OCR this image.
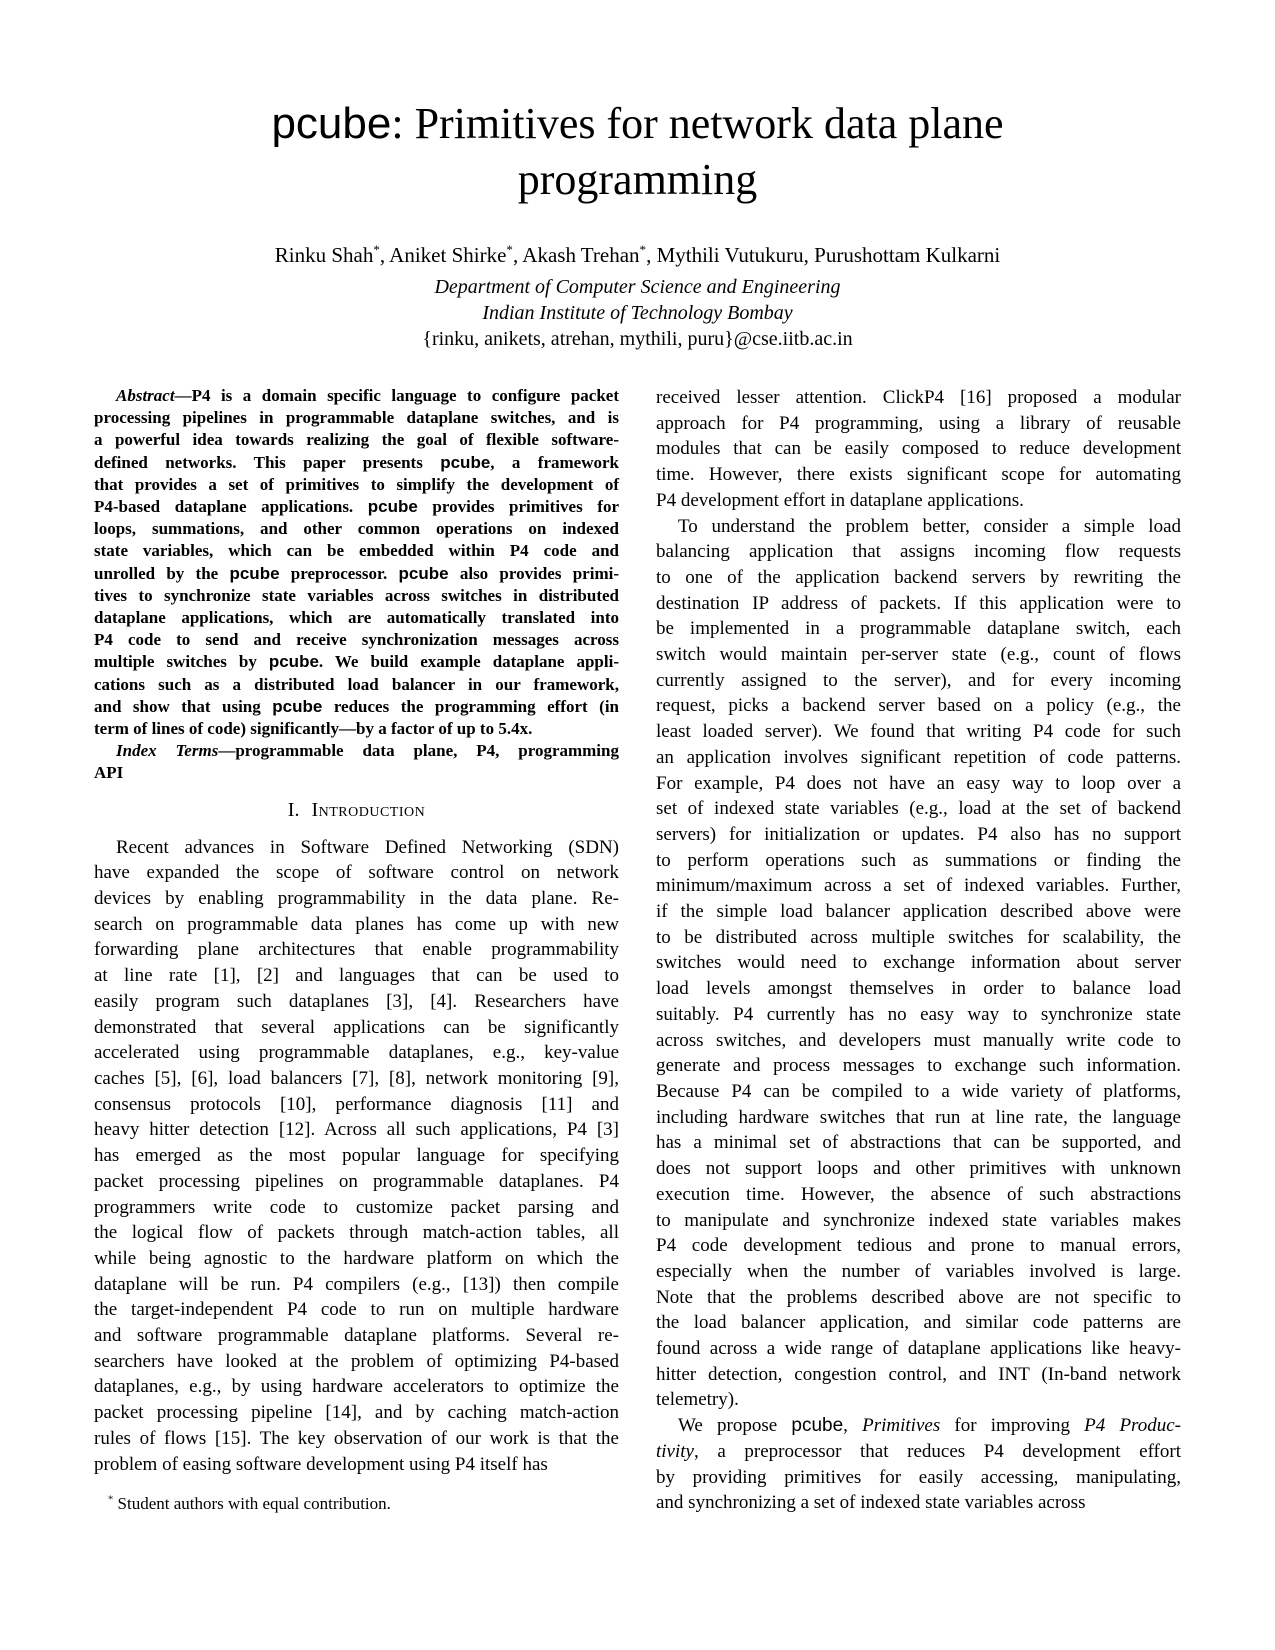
pcube: Primitives for network data plane
programming
Rinku Shah*, Aniket Shirke*, Akash Trehan*, Mythili Vutukuru, Purushottam Kulkarni
Department of Computer Science and Engineering
Indian Institute of Technology Bombay
{rinku, anikets, atrehan, mythili, puru}@cse.iitb.ac.in
Abstract—P4 is a domain specific language to configure packet
processing pipelines in programmable dataplane switches, and is
a powerful idea towards realizing the goal of flexible software-
defined networks. This paper presents pcube, a framework
that provides a set of primitives to simplify the development of
P4-based dataplane applications. pcube provides primitives for
loops, summations, and other common operations on indexed
state variables, which can be embedded within P4 code and
unrolled by the pcube preprocessor. pcube also provides primi-
tives to synchronize state variables across switches in distributed
dataplane applications, which are automatically translated into
P4 code to send and receive synchronization messages across
multiple switches by pcube. We build example dataplane appli-
cations such as a distributed load balancer in our framework,
and show that using pcube reduces the programming effort (in
term of lines of code) significantly—by a factor of up to 5.4x.
Index Terms—programmable data plane, P4, programming
API
I. Introduction
Recent advances in Software Defined Networking (SDN)
have expanded the scope of software control on network
devices by enabling programmability in the data plane. Re-
search on programmable data planes has come up with new
forwarding plane architectures that enable programmability
at line rate [1], [2] and languages that can be used to
easily program such dataplanes [3], [4]. Researchers have
demonstrated that several applications can be significantly
accelerated using programmable dataplanes, e.g., key-value
caches [5], [6], load balancers [7], [8], network monitoring [9],
consensus protocols [10], performance diagnosis [11] and
heavy hitter detection [12]. Across all such applications, P4 [3]
has emerged as the most popular language for specifying
packet processing pipelines on programmable dataplanes. P4
programmers write code to customize packet parsing and
the logical flow of packets through match-action tables, all
while being agnostic to the hardware platform on which the
dataplane will be run. P4 compilers (e.g., [13]) then compile
the target-independent P4 code to run on multiple hardware
and software programmable dataplane platforms. Several re-
searchers have looked at the problem of optimizing P4-based
dataplanes, e.g., by using hardware accelerators to optimize the
packet processing pipeline [14], and by caching match-action
rules of flows [15]. The key observation of our work is that the
problem of easing software development using P4 itself has
* Student authors with equal contribution.
received lesser attention. ClickP4 [16] proposed a modular
approach for P4 programming, using a library of reusable
modules that can be easily composed to reduce development
time. However, there exists significant scope for automating
P4 development effort in dataplane applications.
To understand the problem better, consider a simple load
balancing application that assigns incoming flow requests
to one of the application backend servers by rewriting the
destination IP address of packets. If this application were to
be implemented in a programmable dataplane switch, each
switch would maintain per-server state (e.g., count of flows
currently assigned to the server), and for every incoming
request, picks a backend server based on a policy (e.g., the
least loaded server). We found that writing P4 code for such
an application involves significant repetition of code patterns.
For example, P4 does not have an easy way to loop over a
set of indexed state variables (e.g., load at the set of backend
servers) for initialization or updates. P4 also has no support
to perform operations such as summations or finding the
minimum/maximum across a set of indexed variables. Further,
if the simple load balancer application described above were
to be distributed across multiple switches for scalability, the
switches would need to exchange information about server
load levels amongst themselves in order to balance load
suitably. P4 currently has no easy way to synchronize state
across switches, and developers must manually write code to
generate and process messages to exchange such information.
Because P4 can be compiled to a wide variety of platforms,
including hardware switches that run at line rate, the language
has a minimal set of abstractions that can be supported, and
does not support loops and other primitives with unknown
execution time. However, the absence of such abstractions
to manipulate and synchronize indexed state variables makes
P4 code development tedious and prone to manual errors,
especially when the number of variables involved is large.
Note that the problems described above are not specific to
the load balancer application, and similar code patterns are
found across a wide range of dataplane applications like heavy-
hitter detection, congestion control, and INT (In-band network
telemetry).
We propose pcube, Primitives for improving P4 Produc-
tivity, a preprocessor that reduces P4 development effort
by providing primitives for easily accessing, manipulating,
and synchronizing a set of indexed state variables across
